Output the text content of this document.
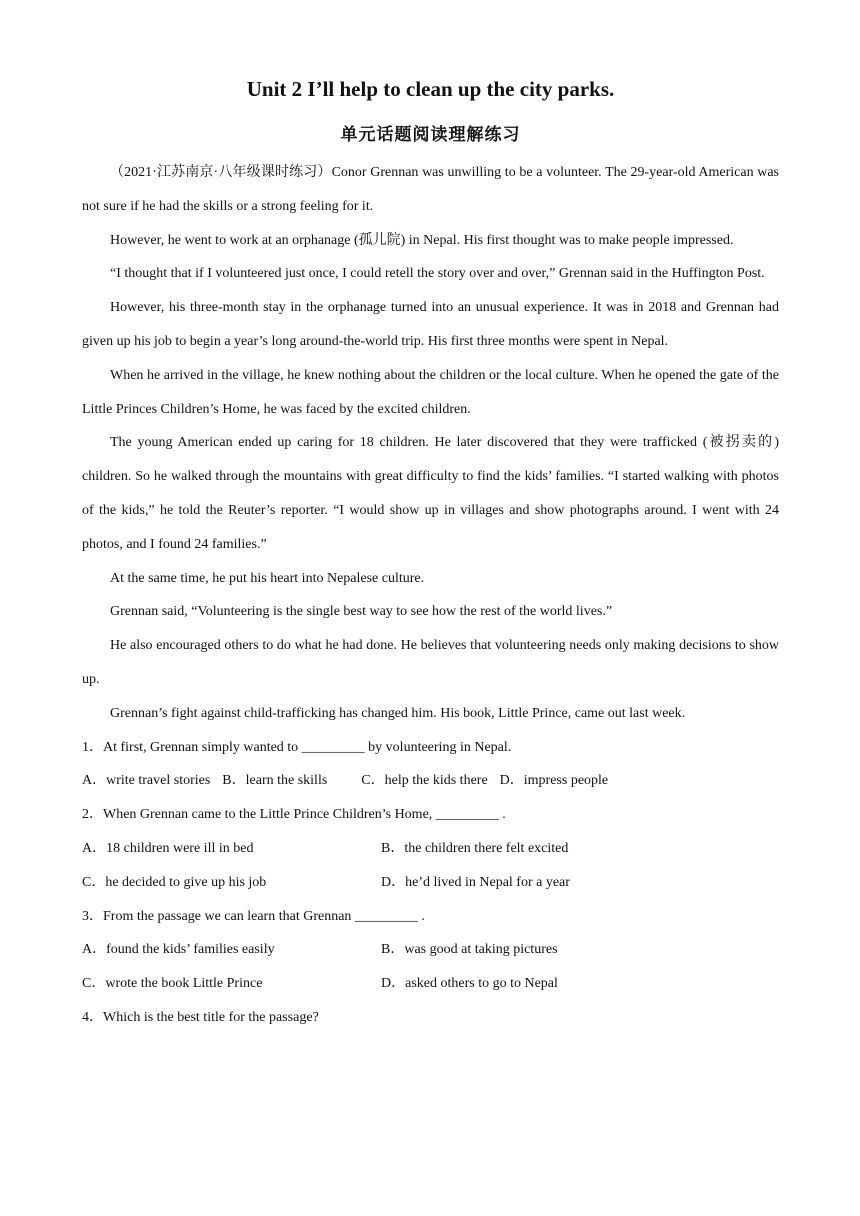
Unit 2 I’ll help to clean up the city parks.
单元话题阅读理解练习

（2021·江苏南京·八年级课时练习）Conor Grennan was unwilling to be a volunteer. The 29-year-old American was not sure if he had the skills or a strong feeling for it.

However, he went to work at an orphanage (孤儿院) in Nepal. His first thought was to make people impressed.

“I thought that if I volunteered just once, I could retell the story over and over,” Grennan said in the Huffington Post.

However, his three-month stay in the orphanage turned into an unusual experience. It was in 2018 and Grennan had given up his job to begin a year’s long around-the-world trip. His first three months were spent in Nepal.

When he arrived in the village, he knew nothing about the children or the local culture. When he opened the gate of the Little Princes Children’s Home, he was faced by the excited children.

The young American ended up caring for 18 children. He later discovered that they were trafficked (被拐卖的) children. So he walked through the mountains with great difficulty to find the kids’ families. “I started walking with photos of the kids,” he told the Reuter’s reporter. “I would show up in villages and show photographs around. I went with 24 photos, and I found 24 families.”

At the same time, he put his heart into Nepalese culture.

Grennan said, “Volunteering is the single best way to see how the rest of the world lives.”

He also encouraged others to do what he had done. He believes that volunteering needs only making decisions to show up.

Grennan’s fight against child-trafficking has changed him. His book, Little Prince, came out last week.

1．At first, Grennan simply wanted to _________ by volunteering in Nepal.

A．write travel stories B．learn the skills C．help the kids there D．impress people

2．When Grennan came to the Little Prince Children’s Home, _________ .

A．18 children were ill in bed	B．the children there felt excited

C．he decided to give up his job	D．he’d lived in Nepal for a year

3．From the passage we can learn that Grennan _________ .

A．found the kids’ families easily	B．was good at taking pictures

C．wrote the book Little Prince	D．asked others to go to Nepal

4．Which is the best title for the passage?
